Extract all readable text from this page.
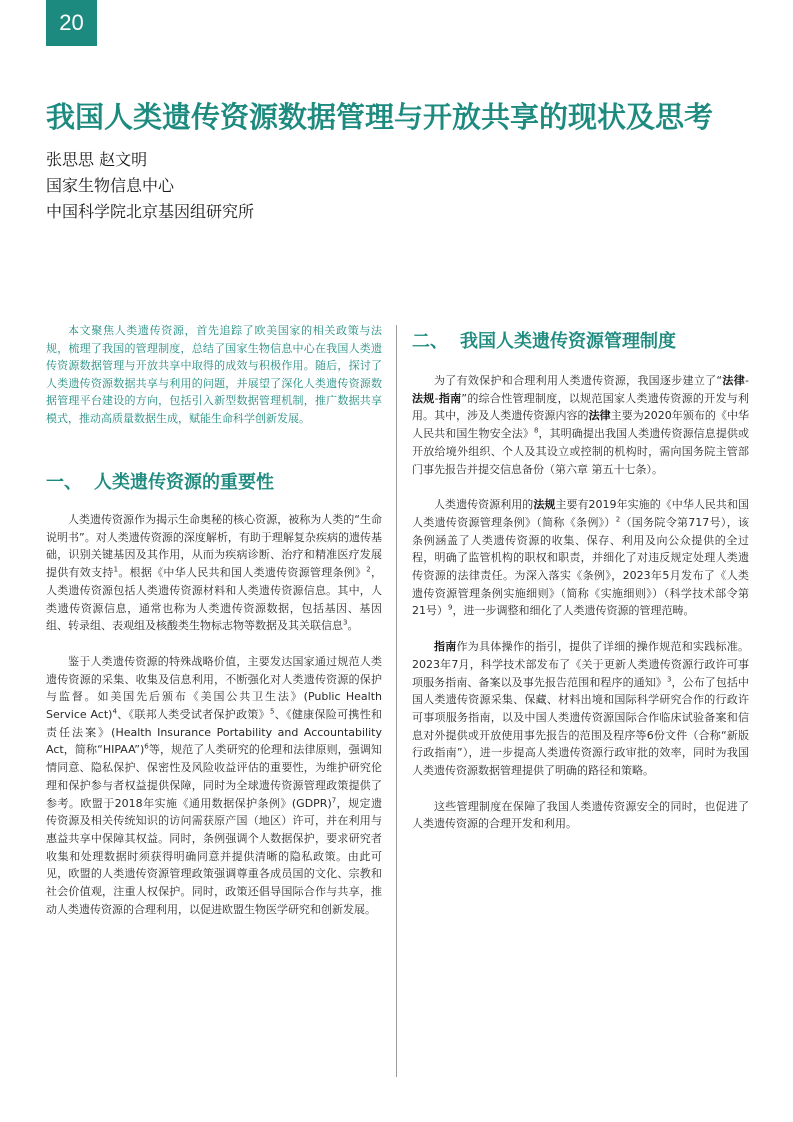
20
我国人类遗传资源数据管理与开放共享的现状及思考
张思思 赵文明
国家生物信息中心
中国科学院北京基因组研究所

本文聚焦人类遗传资源，首先追踪了欧美国家的相关政策与法规，梳理了我国的管理制度，总结了国家生物信息中心在我国人类遗传资源数据管理与开放共享中取得的成效与积极作用。随后，探讨了人类遗传资源数据共享与利用的问题，并展望了深化人类遗传资源数据管理平台建设的方向，包括引入新型数据管理机制，推广数据共享模式，推动高质量数据生成，赋能生命科学创新发展。

一、 人类遗传资源的重要性

人类遗传资源作为揭示生命奥秘的核心资源，被称为人类的“生命说明书”。对人类遗传资源的深度解析，有助于理解复杂疾病的遗传基础，识别关键基因及其作用，从而为疾病诊断、治疗和精准医疗发展提供有效支持$^1$。根据《中华人民共和国人类遗传资源管理条例》$^2$，人类遗传资源包括人类遗传资源材料和人类遗传资源信息。其中，人类遗传资源信息，通常也称为人类遗传资源数据，包括基因、基因组、转录组、表观组及核酸类生物标志物等数据及其关联信息$^3$。

鉴于人类遗传资源的特殊战略价值，主要发达国家通过规范人类遗传资源的采集、收集及信息利用，不断强化对人类遗传资源的保护与监督。如美国先后颁布《美国公共卫生法》(Public Health Service Act)$^4$、《联邦人类受试者保护政策》$^5$、《健康保险可携性和责任法案》(Health Insurance Portability and Accountability Act，简称“HIPAA”)$^6$等，规范了人类研究的伦理和法律原则，强调知情同意、隐私保护、保密性及风险收益评估的重要性，为维护研究伦理和保护参与者权益提供保障，同时为全球遗传资源管理政策提供了参考。欧盟于2018年实施《通用数据保护条例》(GDPR)$^7$，规定遗传资源及相关传统知识的访问需获原产国（地区）许可，并在利用与惠益共享中保障其权益。同时，条例强调个人数据保护，要求研究者收集和处理数据时须获得明确同意并提供清晰的隐私政策。由此可见，欧盟的人类遗传资源管理政策强调尊重各成员国的文化、宗教和社会价值观，注重人权保护。同时，政策还倡导国际合作与共享，推动人类遗传资源的合理利用，以促进欧盟生物医学研究和创新发展。

二、 我国人类遗传资源管理制度

为了有效保护和合理利用人类遗传资源，我国逐步建立了“法律-法规-指南”的综合性管理制度，以规范国家人类遗传资源的开发与利用。其中，涉及人类遗传资源内容的法律主要为2020年颁布的《中华人民共和国生物安全法》$^8$，其明确提出我国人类遗传资源信息提供或开放给境外组织、个人及其设立或控制的机构时，需向国务院主管部门事先报告并提交信息备份（第六章 第五十七条）。

人类遗传资源利用的法规主要有2019年实施的《中华人民共和国人类遗传资源管理条例》（简称《条例》）$^2$（国务院令第717号），该条例涵盖了人类遗传资源的收集、保存、利用及向公众提供的全过程，明确了监管机构的职权和职责，并细化了对违反规定处理人类遗传资源的法律责任。为深入落实《条例》，2023年5月发布了《人类遗传资源管理条例实施细则》（简称《实施细则》）（科学技术部令第21号）$^9$，进一步调整和细化了人类遗传资源的管理范畴。

指南作为具体操作的指引，提供了详细的操作规范和实践标准。2023年7月，科学技术部发布了《关于更新人类遗传资源行政许可事项服务指南、备案以及事先报告范围和程序的通知》$^3$，公布了包括中国人类遗传资源采集、保藏、材料出境和国际科学研究合作的行政许可事项服务指南，以及中国人类遗传资源国际合作临床试验备案和信息对外提供或开放使用事先报告的范围及程序等6份文件（合称“新版行政指南”），进一步提高人类遗传资源行政审批的效率，同时为我国人类遗传资源数据管理提供了明确的路径和策略。

这些管理制度在保障了我国人类遗传资源安全的同时，也促进了人类遗传资源的合理开发和利用。
